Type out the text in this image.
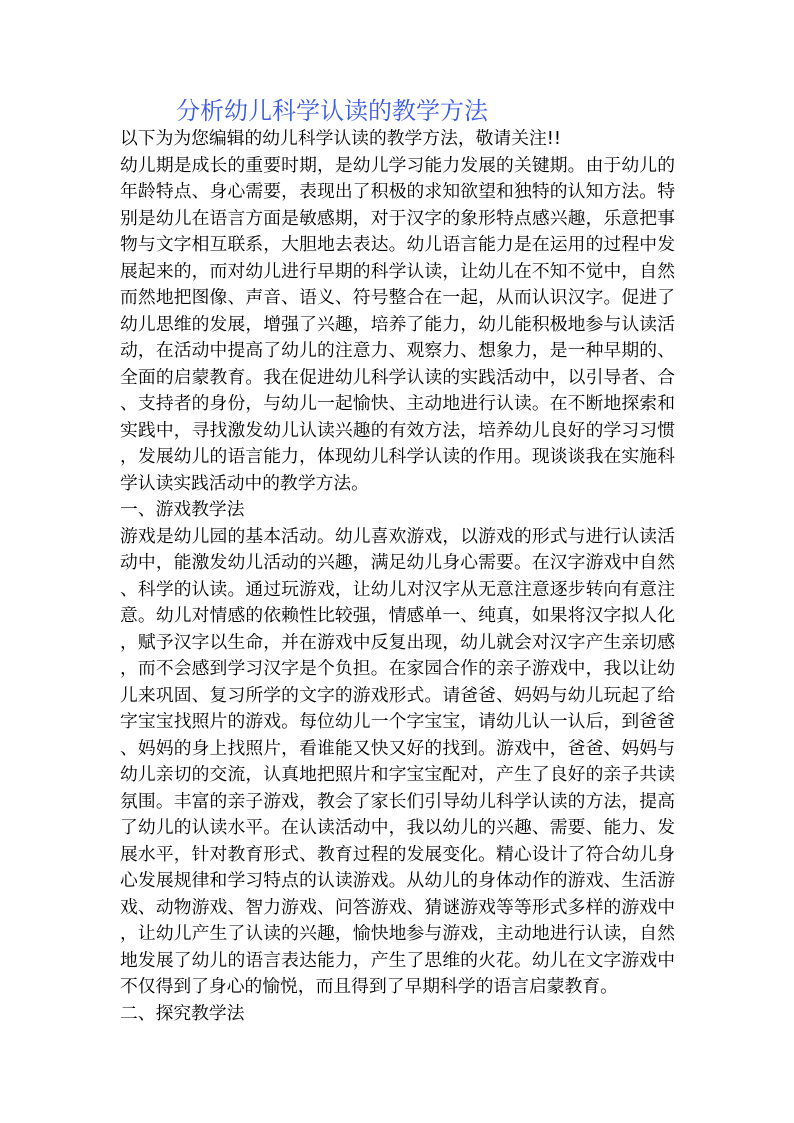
分析幼儿科学认读的教学方法

以下为为您编辑的幼儿科学认读的教学方法，敬请关注!!

幼儿期是成长的重要时期，是幼儿学习能力发展的关键期。由于幼儿的年龄特点、身心需要，表现出了积极的求知欲望和独特的认知方法。特别是幼儿在语言方面是敏感期，对于汉字的象形特点感兴趣，乐意把事物与文字相互联系，大胆地去表达。幼儿语言能力是在运用的过程中发展起来的，而对幼儿进行早期的科学认读，让幼儿在不知不觉中，自然而然地把图像、声音、语义、符号整合在一起，从而认识汉字。促进了幼儿思维的发展，增强了兴趣，培养了能力，幼儿能积极地参与认读活动，在活动中提高了幼儿的注意力、观察力、想象力，是一种早期的、全面的启蒙教育。我在促进幼儿科学认读的实践活动中，以引导者、合、支持者的身份，与幼儿一起愉快、主动地进行认读。在不断地探索和实践中，寻找激发幼儿认读兴趣的有效方法，培养幼儿良好的学习习惯，发展幼儿的语言能力，体现幼儿科学认读的作用。现谈谈我在实施科学认读实践活动中的教学方法。

一、游戏教学法

游戏是幼儿园的基本活动。幼儿喜欢游戏，以游戏的形式与进行认读活动中，能激发幼儿活动的兴趣，满足幼儿身心需要。在汉字游戏中自然、科学的认读。通过玩游戏，让幼儿对汉字从无意注意逐步转向有意注意。幼儿对情感的依赖性比较强，情感单一、纯真，如果将汉字拟人化，赋予汉字以生命，并在游戏中反复出现，幼儿就会对汉字产生亲切感，而不会感到学习汉字是个负担。在家园合作的亲子游戏中，我以让幼儿来巩固、复习所学的文字的游戏形式。请爸爸、妈妈与幼儿玩起了给字宝宝找照片的游戏。每位幼儿一个字宝宝，请幼儿认一认后，到爸爸、妈妈的身上找照片，看谁能又快又好的找到。游戏中，爸爸、妈妈与幼儿亲切的交流，认真地把照片和字宝宝配对，产生了良好的亲子共读氛围。丰富的亲子游戏，教会了家长们引导幼儿科学认读的方法，提高了幼儿的认读水平。在认读活动中，我以幼儿的兴趣、需要、能力、发展水平，针对教育形式、教育过程的发展变化。精心设计了符合幼儿身心发展规律和学习特点的认读游戏。从幼儿的身体动作的游戏、生活游戏、动物游戏、智力游戏、问答游戏、猜谜游戏等等形式多样的游戏中，让幼儿产生了认读的兴趣，愉快地参与游戏，主动地进行认读，自然地发展了幼儿的语言表达能力，产生了思维的火花。幼儿在文字游戏中不仅得到了身心的愉悦，而且得到了早期科学的语言启蒙教育。

二、探究教学法
